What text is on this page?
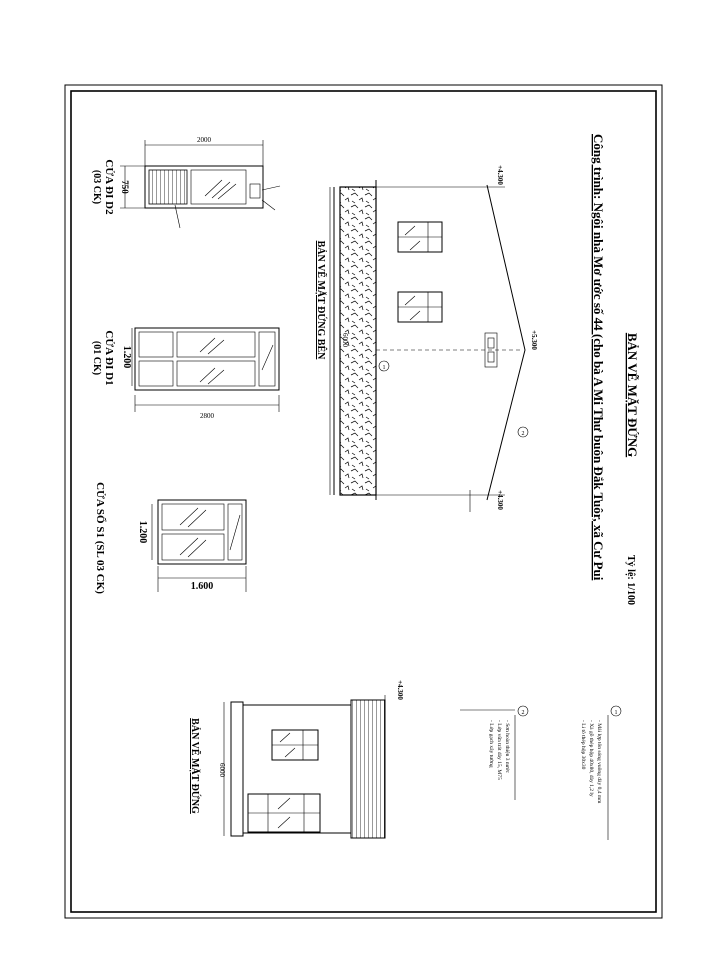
BẢN VẼ MẶT ĐỨNG
Tỷ lệ: 1/100
Công trình: Ngôi nhà Mơ ước số 44 (cho bà A Mi Thư buôn Đắk Tuôr, xã Cư Pui
2000
750
CỬA ĐI D2
(03 CK)
2800
1.200
CỬA ĐI D1
(01 CK)
1.600
1.200
CỬA SỔ S1 (SL 03 CK)
+4.300
+5.300
+4.300
6000
1
2
BẢN VẼ MẶT ĐỨNG BÊN
+4.300
6000
BẢN VẼ MẶT ĐỨNG
1
- Mái lợp tôn sóng vuông dày 0,4 mm
- Xà gồ thép hộp 40x80, dày 1,2 ly
- Li tô thép hộp 30x30
2
- Sơn hoàn thiện 3 nước
- Lớp vữa trát dày 15, M75
- Lớp gạch xây tường
